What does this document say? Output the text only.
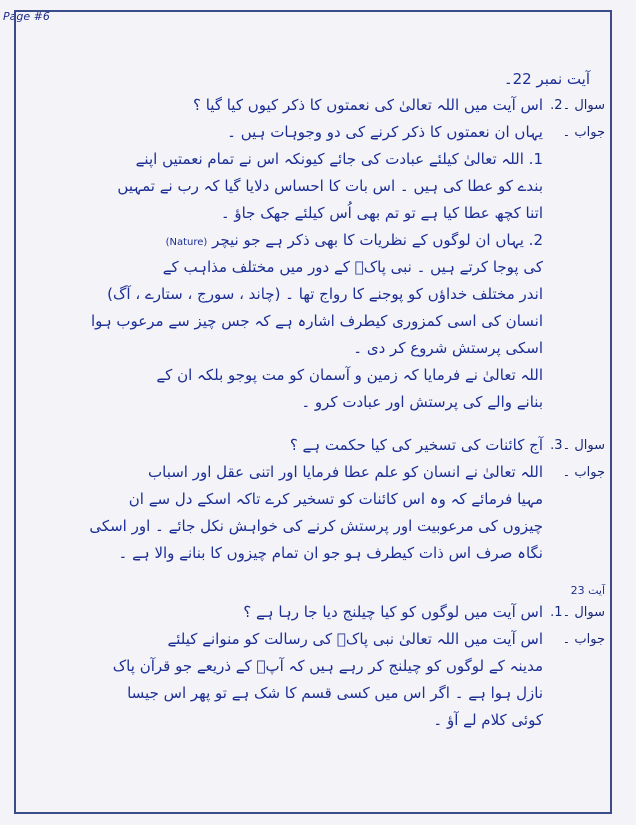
Page #6
آیت نمبر 22۔
سوال ۔2.
اس آیت میں اللہ تعالیٰ کی نعمتوں کا ذکر کیوں کیا گیا ؟
جواب ۔
یہاں ان نعمتوں کا ذکر کرنے کی دو وجوہات ہیں ۔
1. اللہ تعالیٰ کیلئے عبادت کی جائے کیونکہ اس نے تمام نعمتیں اپنے
بندے کو عطا کی ہیں ۔ اس بات کا احساس دلایا گیا کہ رب نے تمہیں
اتنا کچھ عطا کیا ہے تو تم بھی اُس کیلئے جھک جاؤ ۔
2. یہاں ان لوگوں کے نظریات کا بھی ذکر ہے جو نیچر (Nature)
کی پوجا کرتے ہیں ۔ نبی پاکؐ کے دور میں مختلف مذاہب کے
اندر مختلف خداؤں کو پوجنے کا رواج تھا ۔ (چاند ، سورج ، ستارے ، آگ)
انسان کی اسی کمزوری کیطرف اشارہ ہے کہ جس چیز سے مرعوب ہوا
اسکی پرستش شروع کر دی ۔
اللہ تعالیٰ نے فرمایا کہ زمین و آسمان کو مت پوجو بلکہ ان کے
بنانے والے کی پرستش اور عبادت کرو ۔
سوال ۔3.
آج کائنات کی تسخیر کی کیا حکمت ہے ؟
جواب ۔
اللہ تعالیٰ نے انسان کو علم عطا فرمایا اور اتنی عقل اور اسباب
مہیا فرمائے کہ وہ اس کائنات کو تسخیر کرے تاکہ اسکے دل سے ان
چیزوں کی مرعوبیت اور پرستش کرنے کی خواہش نکل جائے ۔ اور اسکی
نگاہ صرف اس ذات کیطرف ہو جو ان تمام چیزوں کا بنانے والا ہے ۔
آیت 23
سوال ۔1.
اس آیت میں لوگوں کو کیا چیلنج دیا جا رہا ہے ؟
جواب ۔
اس آیت میں اللہ تعالیٰ نبی پاکؐ کی رسالت کو منوانے کیلئے
مدینہ کے لوگوں کو چیلنج کر رہے ہیں کہ آپؐ کے ذریعے جو قرآن پاک
نازل ہوا ہے ۔ اگر اس میں کسی قسم کا شک ہے تو پھر اس جیسا
کوئی کلام لے آؤ ۔
